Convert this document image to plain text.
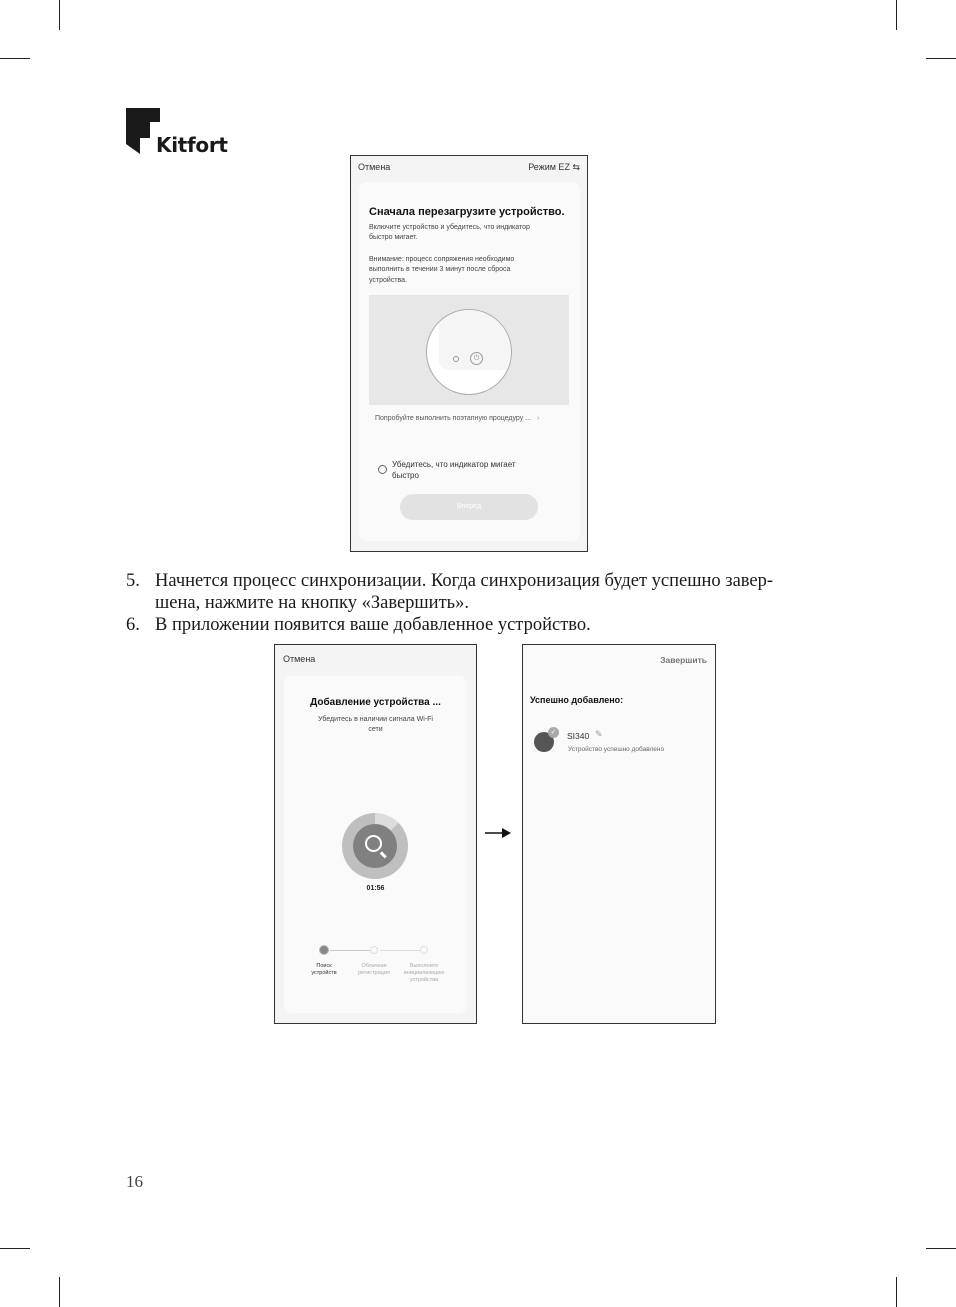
Kitfort
Отмена	Режим EZ ⇆
Сначала перезагрузите устройство.
Включите устройство и убедитесь, что индикатор
быстро мигает.
Внимание: процесс сопряжения необходимо
выполнить в течении 3 минут после сброса
устройства.
⏻
Попробуйте выполнить поэтапную процедуру ... ›
Убедитесь, что индикатор мигает
быстро
Вперед
5. Начнется процесс синхронизации. Когда синхронизация будет успешно завер-
шена, нажмите на кнопку «Завершить».
6. В приложении появится ваше добавленное устройство.
Отмена
Добавление устройства ...
Убедитесь в наличии сигнала Wi-Fi
сети
01:56
Поиск
устройств
Облачная
регистрация
Выполните
инициализацию
устройства
Завершить
Успешно добавлено:
✓	SI340 ✎
Устройство успешно добавлено
16
